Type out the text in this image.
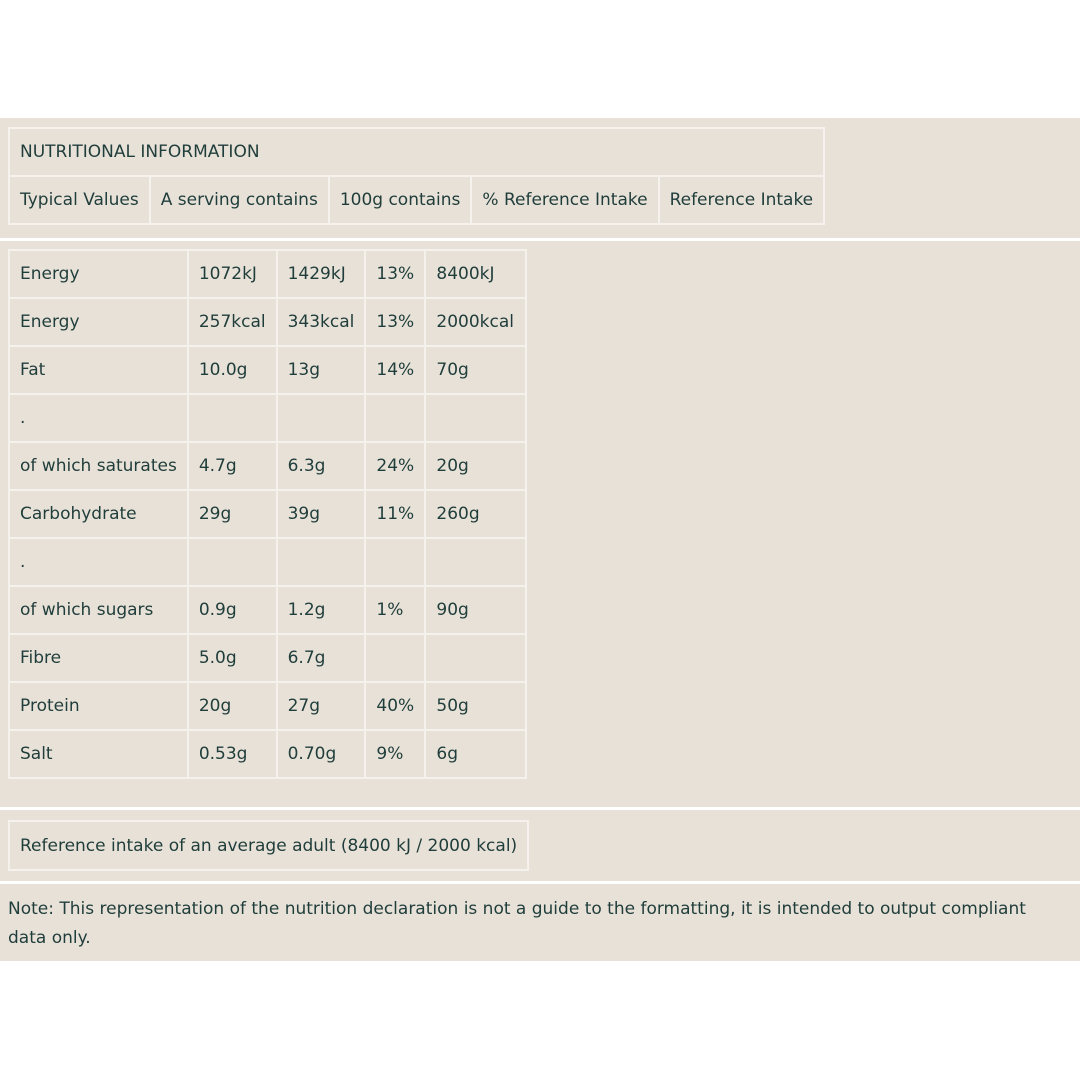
NUTRITIONAL INFORMATION
Typical Values	A serving contains	100g contains	% Reference Intake	Reference Intake
Energy	1072kJ	1429kJ	13%	8400kJ
Energy	257kcal	343kcal	13%	2000kcal
Fat	10.0g	13g	14%	70g
.				
of which saturates	4.7g	6.3g	24%	20g
Carbohydrate	29g	39g	11%	260g
.				
of which sugars	0.9g	1.2g	1%	90g
Fibre	5.0g	6.7g		
Protein	20g	27g	40%	50g
Salt	0.53g	0.70g	9%	6g
Reference intake of an average adult (8400 kJ / 2000 kcal)

Note: This representation of the nutrition declaration is not a guide to the formatting, it is intended to output compliant data only.
